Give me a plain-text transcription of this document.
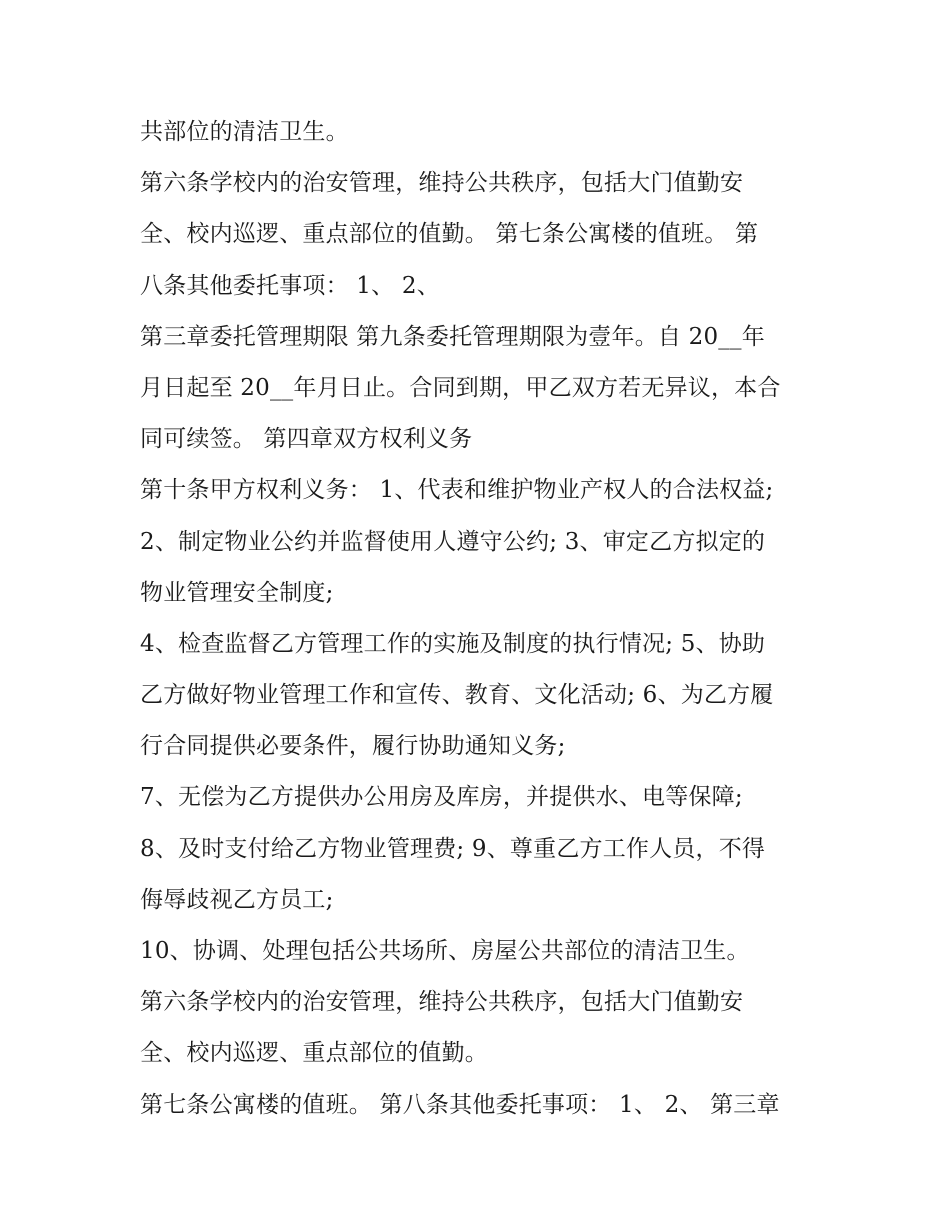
共部位的清洁卫生。
第六条学校内的治安管理，维持公共秩序，包括大门值勤安
全、校内巡逻、重点部位的值勤。 第七条公寓楼的值班。 第
八条其他委托事项： 1、 2、
第三章委托管理期限 第九条委托管理期限为壹年。自 20__年
月日起至 20__年月日止。合同到期，甲乙双方若无异议，本合
同可续签。 第四章双方权利义务
第十条甲方权利义务： 1、代表和维护物业产权人的合法权益;
2、制定物业公约并监督使用人遵守公约; 3、审定乙方拟定的
物业管理安全制度;
4、检查监督乙方管理工作的实施及制度的执行情况; 5、协助
乙方做好物业管理工作和宣传、教育、文化活动; 6、为乙方履
行合同提供必要条件，履行协助通知义务;
7、无偿为乙方提供办公用房及库房，并提供水、电等保障;
8、及时支付给乙方物业管理费; 9、尊重乙方工作人员，不得
侮辱歧视乙方员工;
10、协调、处理包括公共场所、房屋公共部位的清洁卫生。
第六条学校内的治安管理，维持公共秩序，包括大门值勤安
全、校内巡逻、重点部位的值勤。
第七条公寓楼的值班。 第八条其他委托事项： 1、 2、 第三章
